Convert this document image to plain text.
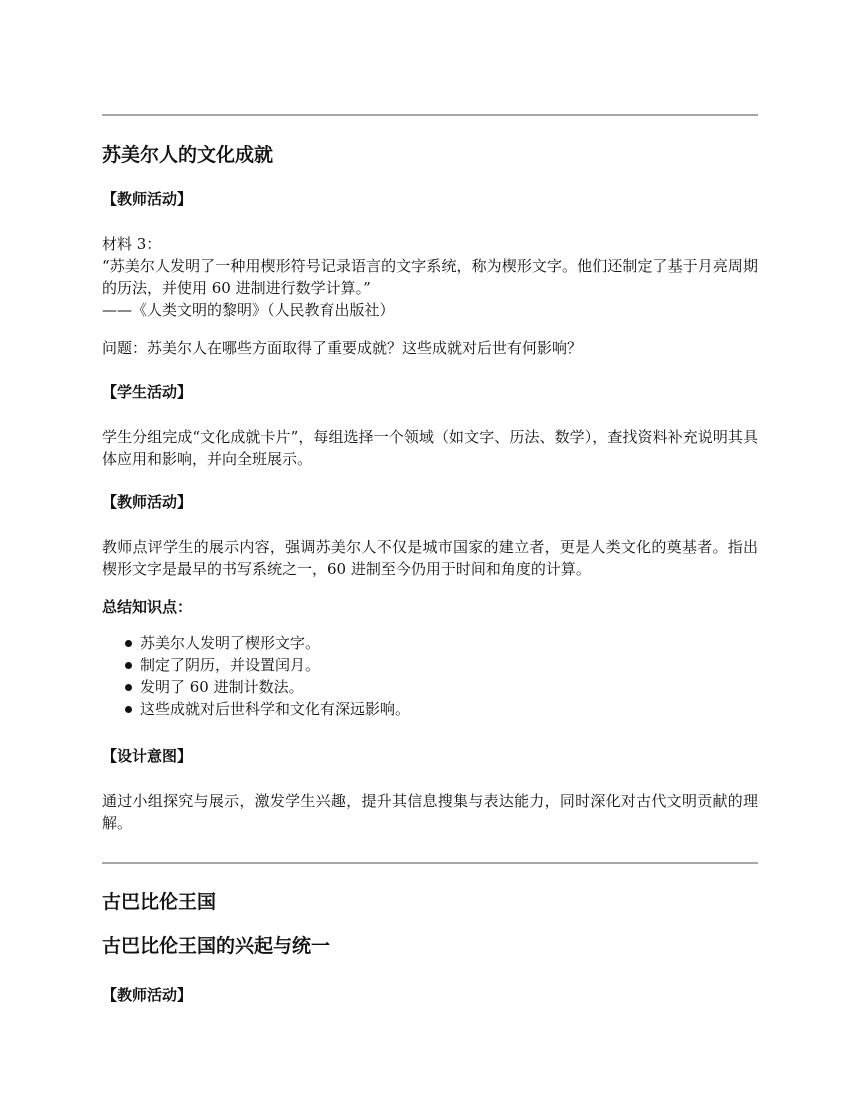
苏美尔人的文化成就
【教师活动】
材料 3：
“苏美尔人发明了一种用楔形符号记录语言的文字系统，称为楔形文字。他们还制定了基于月亮周期的历法，并使用 60 进制进行数学计算。”
——《人类文明的黎明》（人民教育出版社）
问题：苏美尔人在哪些方面取得了重要成就？这些成就对后世有何影响？
【学生活动】
学生分组完成“文化成就卡片”，每组选择一个领域（如文字、历法、数学），查找资料补充说明其具体应用和影响，并向全班展示。
【教师活动】
教师点评学生的展示内容，强调苏美尔人不仅是城市国家的建立者，更是人类文化的奠基者。指出楔形文字是最早的书写系统之一，60 进制至今仍用于时间和角度的计算。
总结知识点：
苏美尔人发明了楔形文字。
制定了阴历，并设置闰月。
发明了 60 进制计数法。
这些成就对后世科学和文化有深远影响。
【设计意图】
通过小组探究与展示，激发学生兴趣，提升其信息搜集与表达能力，同时深化对古代文明贡献的理解。
古巴比伦王国
古巴比伦王国的兴起与统一
【教师活动】
